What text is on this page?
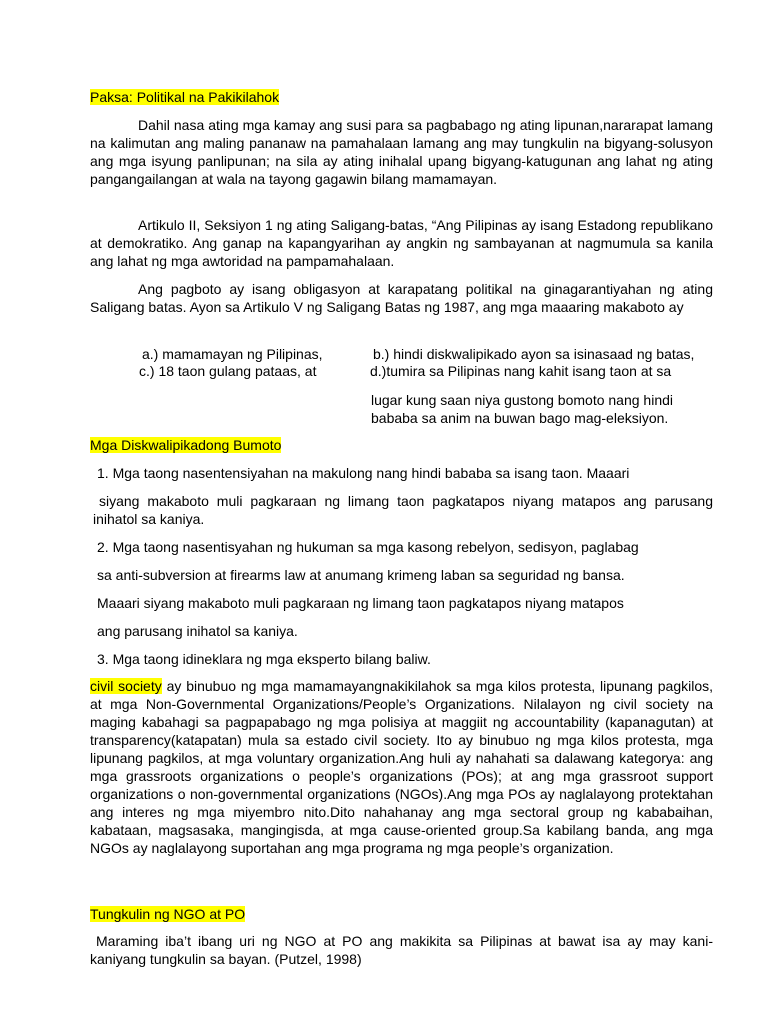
Paksa: Politikal na Pakikilahok

Dahil nasa ating mga kamay ang susi para sa pagbabago ng ating lipunan,nararapat lamang na kalimutan ang maling pananaw na pamahalaan lamang ang may tungkulin na bigyang-solusyon ang mga isyung panlipunan; na sila ay ating inihalal upang bigyang-katugunan ang lahat ng ating pangangailangan at wala na tayong gagawin bilang mamamayan.

Artikulo II, Seksiyon 1 ng ating Saligang-batas, “Ang Pilipinas ay isang Estadong republikano at demokratiko. Ang ganap na kapangyarihan ay angkin ng sambayanan at nagmumula sa kanila ang lahat ng mga awtoridad na pampamahalaan.

Ang pagboto ay isang obligasyon at karapatang politikal na ginagarantiyahan ng ating Saligang batas. Ayon sa Artikulo V ng Saligang Batas ng 1987, ang mga maaaring makaboto ay

a.) mamamayan ng Pilipinas,	b.) hindi diskwalipikado ayon sa isinasaad ng batas,

c.) 18 taon gulang pataas, at	d.)tumira sa Pilipinas nang kahit isang taon at sa

lugar kung saan niya gustong bomoto nang hindi

bababa sa anim na buwan bago mag-eleksiyon.

Mga Diskwalipikadong Bumoto

1. Mga taong nasentensiyahan na makulong nang hindi bababa sa isang taon. Maaari

siyang makaboto muli pagkaraan ng limang taon pagkatapos niyang matapos ang parusang inihatol sa kaniya.

2. Mga taong nasentisyahan ng hukuman sa mga kasong rebelyon, sedisyon, paglabag

sa anti-subversion at firearms law at anumang krimeng laban sa seguridad ng bansa.

Maaari siyang makaboto muli pagkaraan ng limang taon pagkatapos niyang matapos

ang parusang inihatol sa kaniya.

3. Mga taong idineklara ng mga eksperto bilang baliw.

civil society ay binubuo ng mga mamamayangnakikilahok sa mga kilos protesta, lipunang pagkilos, at mga Non-Governmental Organizations/People’s Organizations. Nilalayon ng civil society na maging kabahagi sa pagpapabago ng mga polisiya at maggiit ng accountability (kapanagutan) at transparency(katapatan) mula sa estado civil society. Ito ay binubuo ng mga kilos protesta, mga lipunang pagkilos, at mga voluntary organization.Ang huli ay nahahati sa dalawang kategorya: ang mga grassroots organizations o people’s organizations (POs); at ang mga grassroot support organizations o non-governmental organizations (NGOs).Ang mga POs ay naglalayong protektahan ang interes ng mga miyembro nito.Dito nahahanay ang mga sectoral group ng kababaihan, kabataan, magsasaka, mangingisda, at mga cause-oriented group.Sa kabilang banda, ang mga NGOs ay naglalayong suportahan ang mga programa ng mga people’s organization.

Tungkulin ng NGO at PO

Maraming iba’t ibang uri ng NGO at PO ang makikita sa Pilipinas at bawat isa ay may kani-kaniyang tungkulin sa bayan. (Putzel, 1998)
